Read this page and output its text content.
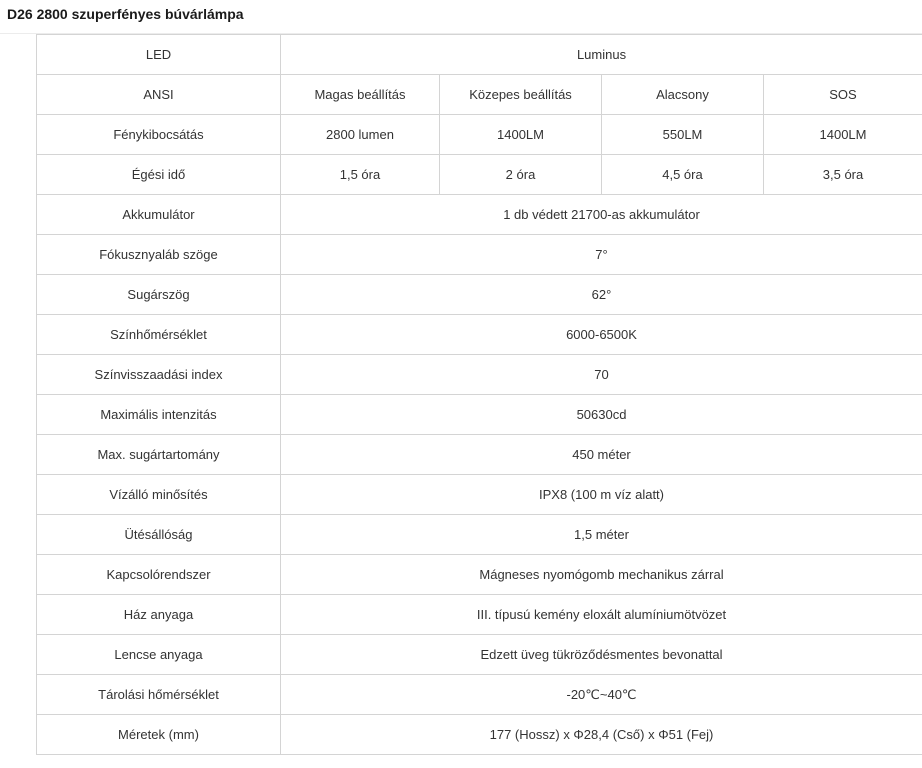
D26 2800 szuperfényes búvárlámpa
LED	Luminus			
ANSI	Magas beállítás	Közepes beállítás	Alacsony	SOS
Fénykibocsátás	2800 lumen	1400LM	550LM	1400LM
Égési idő	1,5 óra	2 óra	4,5 óra	3,5 óra
Akkumulátor	1 db védett 21700-as akkumulátor			
Fókusznyaláb szöge	7°			
Sugárszög	62°			
Színhőmérséklet	6000-6500K			
Színvisszaadási index	70			
Maximális intenzitás	50630cd			
Max. sugártartomány	450 méter			
Vízálló minősítés	IPX8 (100 m víz alatt)			
Ütésállóság	1,5 méter			
Kapcsolórendszer	Mágneses nyomógomb mechanikus zárral			
Ház anyaga	III. típusú kemény eloxált alumíniumötvözet			
Lencse anyaga	Edzett üveg tükröződésmentes bevonattal			
Tárolási hőmérséklet	-20℃~40℃			
Méretek (mm)	177 (Hossz) x Φ28,4 (Cső) x Φ51 (Fej)			
